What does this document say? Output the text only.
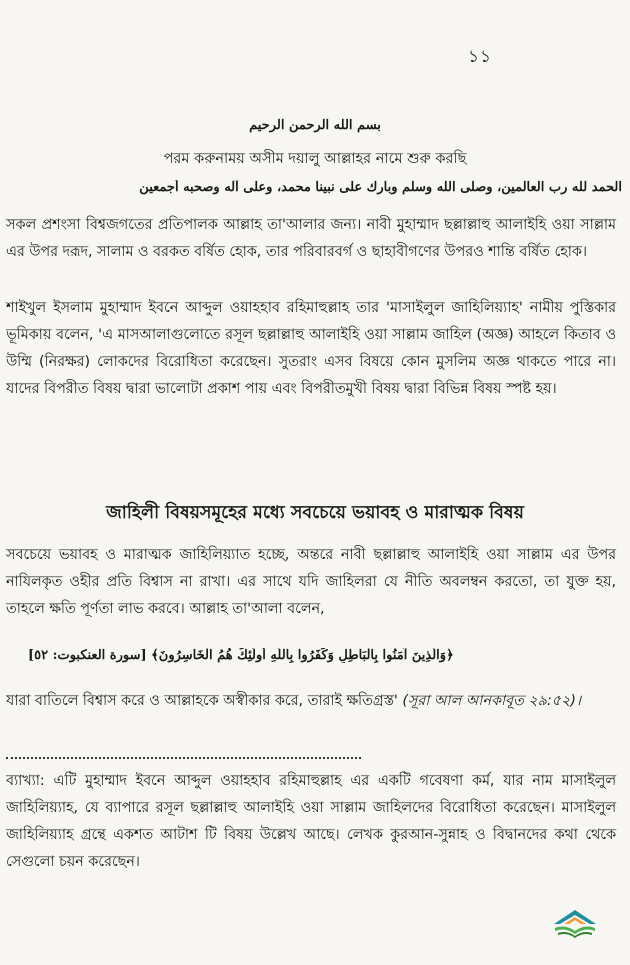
১১
بسم الله الرحمن الرحيم
পরম করুনাময় অসীম দয়ালু আল্লাহর নামে শুরু করছি
الحمد لله رب العالمين، وصلى الله وسلم وبارك على نبينا محمد، وعلى آله وصحبه أجمعين

সকল প্রশংসা বিশ্বজগতের প্রতিপালক আল্লাহ তা'আলার জন্য। নাবী মুহাম্মাদ ছল্লাল্লাহু আলাইহি ওয়া সাল্লাম এর উপর দরূদ, সালাম ও বরকত বর্ষিত হোক, তার পরিবারবর্গ ও ছাহাবীগণের উপরও শান্তি বর্ষিত হোক।

শাইখুল ইসলাম মুহাম্মাদ ইবনে আব্দুল ওয়াহহাব রহিমাহুল্লাহ তার 'মাসাইলুল জাহিলিয়্যাহ' নামীয় পুস্তিকার ভূমিকায় বলেন, 'এ মাসআলাগুলোতে রসূল ছল্লাল্লাহু আলাইহি ওয়া সাল্লাম জাহিল (অজ্ঞ) আহলে কিতাব ও উম্মি (নিরক্ষর) লোকদের বিরোধিতা করেছেন। সুতরাং এসব বিষয়ে কোন মুসলিম অজ্ঞ থাকতে পারে না। যাদের বিপরীত বিষয় দ্বারা ভালোটা প্রকাশ পায় এবং বিপরীতমুখী বিষয় দ্বারা বিভিন্ন বিষয় স্পষ্ট হয়।

জাহিলী বিষয়সমূহের মধ্যে সবচেয়ে ভয়াবহ ও মারাত্মক বিষয়

সবচেয়ে ভয়াবহ ও মারাত্মক জাহিলিয়্যাত হচ্ছে, অন্তরে নাবী ছল্লাল্লাহু আলাইহি ওয়া সাল্লাম এর উপর নাযিলকৃত ওহীর প্রতি বিশ্বাস না রাখা। এর সাথে যদি জাহিলরা যে নীতি অবলম্বন করতো, তা যুক্ত হয়, তাহলে ক্ষতি পূর্ণতা লাভ করবে। আল্লাহ তা'আলা বলেন,

﴿وَالَّذِينَ آمَنُوا بِالْبَاطِلِ وَكَفَرُوا بِاللَّهِ أُولَئِكَ هُمُ الْخَاسِرُونَ﴾ [سورة العنكبوت: ٥٢]

যারা বাতিলে বিশ্বাস করে ও আল্লাহকে অস্বীকার করে, তারাই ক্ষতিগ্রস্ত' (সূরা আল আনকাবূত ২৯:৫২)।

ব্যাখ্যা: এটি মুহাম্মাদ ইবনে আব্দুল ওয়াহহাব রহিমাহুল্লাহ এর একটি গবেষণা কর্ম, যার নাম মাসাইলুল জাহিলিয়্যাহ, যে ব্যাপারে রসূল ছল্লাল্লাহু আলাইহি ওয়া সাল্লাম জাহিলদের বিরোধিতা করেছেন। মাসাইলুল জাহিলিয়্যাহ গ্রন্থে একশত আটাশ টি বিষয় উল্লেখ আছে। লেখক কুরআন-সুন্নাহ ও বিদ্বানদের কথা থেকে সেগুলো চয়ন করেছেন।
